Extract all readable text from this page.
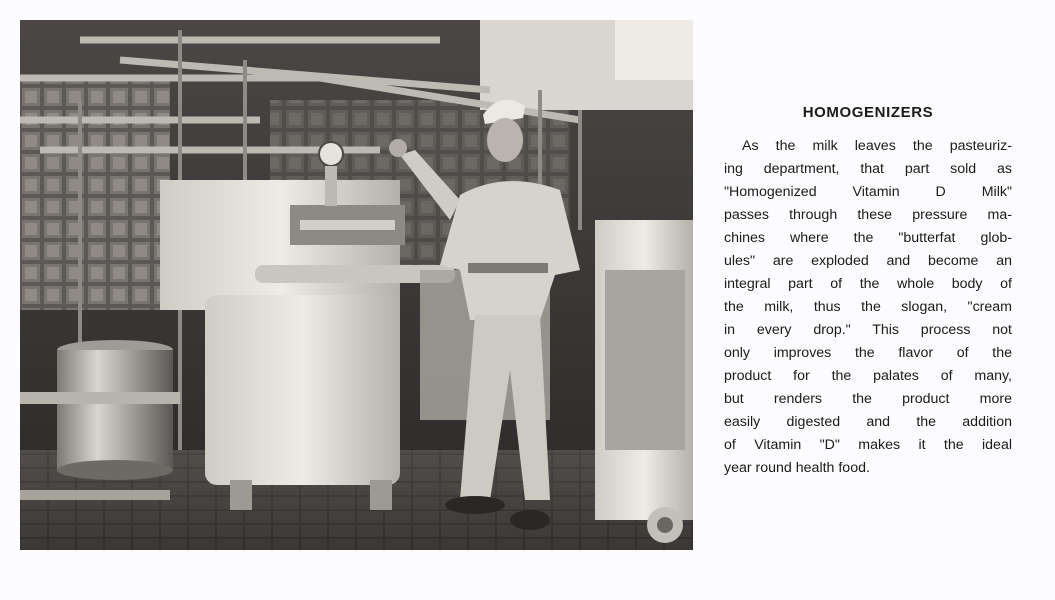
HOMOGENIZERS

As the milk leaves the pasteuriz-
ing department, that part sold as
"Homogenized Vitamin D Milk"
passes through these pressure ma-
chines where the "butterfat glob-
ules" are exploded and become an
integral part of the whole body of
the milk, thus the slogan, "cream
in every drop." This process not
only improves the flavor of the
product for the palates of many,
but renders the product more
easily digested and the addition
of Vitamin "D" makes it the ideal
year round health food.
